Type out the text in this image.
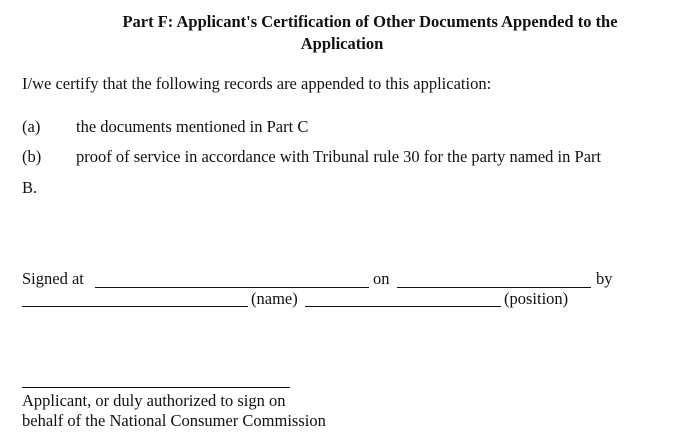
Part F: Applicant's Certification of Other Documents Appended to the
Application
I/we certify that the following records are appended to this application:
(a) the documents mentioned in Part C
(b) proof of service in accordance with Tribunal rule 30 for the party named in Part
B.
Signed at	on	by
(name)	(position)
Applicant, or duly authorized to sign on
behalf of the National Consumer Commission
